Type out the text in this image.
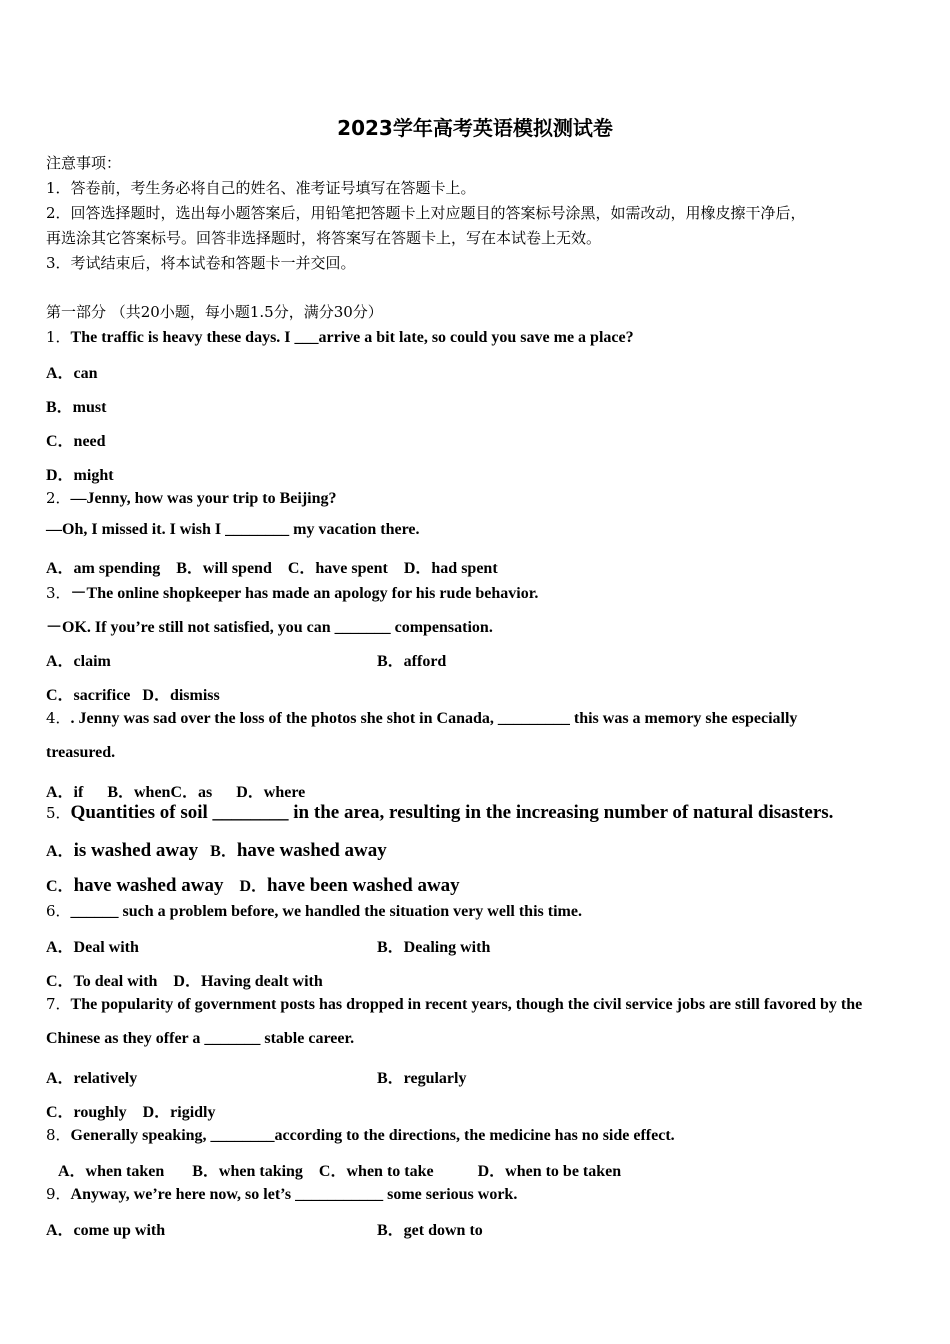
2023学年高考英语模拟测试卷
注意事项：
1．答卷前，考生务必将自己的姓名、准考证号填写在答题卡上。
2．回答选择题时，选出每小题答案后，用铅笔把答题卡上对应题目的答案标号涂黑，如需改动，用橡皮擦干净后，
再选涂其它答案标号。回答非选择题时，将答案写在答题卡上，写在本试卷上无效。
3．考试结束后，将本试卷和答题卡一并交回。
第一部分 （共20小题，每小题1.5分，满分30分）
1．The traffic is heavy these days. I ___arrive a bit late, so could you save me a place?
A．can
B．must
C．need
D．might
2．—Jenny, how was your trip to Beijing?
—Oh, I missed it. I wish I ________ my vacation there.
A．am spending    B．will spend    C．have spent    D．had spent
3．－The online shopkeeper has made an apology for his rude behavior.
－OK. If you’re still not satisfied, you can _______ compensation.
A．claim	B．afford
C．sacrifice   D．dismiss
4．. Jenny was sad over the loss of the photos she shot in Canada, _________ this was a memory she especially
treasured.
A．if      B．whenC．as      D．where
5．Quantities of soil ________ in the area, resulting in the increasing number of natural disasters.
A．is washed away B．have washed away
C．have washed away D．have been washed away
6．______ such a problem before, we handled the situation very well this time.
A．Deal with	B．Dealing with
C．To deal with    D．Having dealt with
7．The popularity of government posts has dropped in recent years, though the civil service jobs are still favored by the
Chinese as they offer a _______ stable career.
A．relatively	B．regularly
C．roughly    D．rigidly
8．Generally speaking, ________according to the directions, the medicine has no side effect.
A．when taken       B．when taking    C．when to take           D．when to be taken
9．Anyway, we’re here now, so let’s ___________ some serious work.
A．come up with	B．get down to
